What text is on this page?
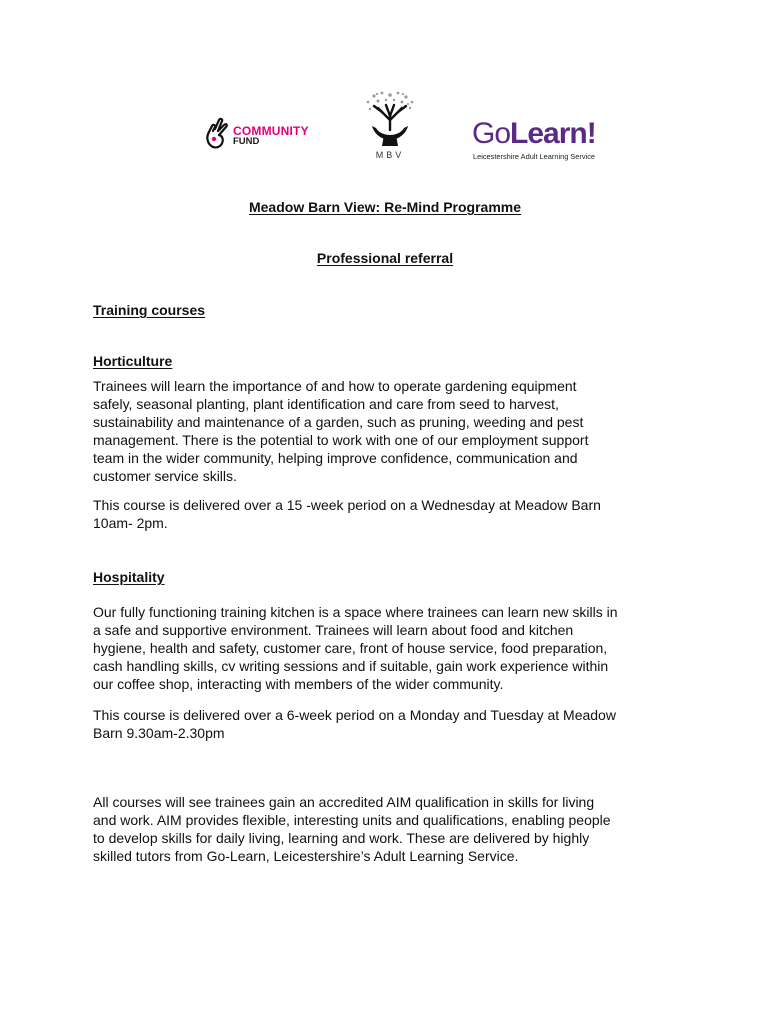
COMMUNITY
FUND
MBV
GoLearn!
Leicestershire Adult Learning Service
Meadow Barn View: Re-Mind Programme
Professional referral
Training courses
Horticulture

Trainees will learn the importance of and how to operate gardening equipment
safely, seasonal planting, plant identification and care from seed to harvest,
sustainability and maintenance of a garden, such as pruning, weeding and pest
management. There is the potential to work with one of our employment support
team in the wider community, helping improve confidence, communication and
customer service skills.

This course is delivered over a 15 -week period on a Wednesday at Meadow Barn
10am- 2pm.

Hospitality

Our fully functioning training kitchen is a space where trainees can learn new skills in
a safe and supportive environment. Trainees will learn about food and kitchen
hygiene, health and safety, customer care, front of house service, food preparation,
cash handling skills, cv writing sessions and if suitable, gain work experience within
our coffee shop, interacting with members of the wider community.

This course is delivered over a 6-week period on a Monday and Tuesday at Meadow
Barn 9.30am-2.30pm

All courses will see trainees gain an accredited AIM qualification in skills for living
and work. AIM provides flexible, interesting units and qualifications, enabling people
to develop skills for daily living, learning and work. These are delivered by highly
skilled tutors from Go-Learn, Leicestershire’s Adult Learning Service.
